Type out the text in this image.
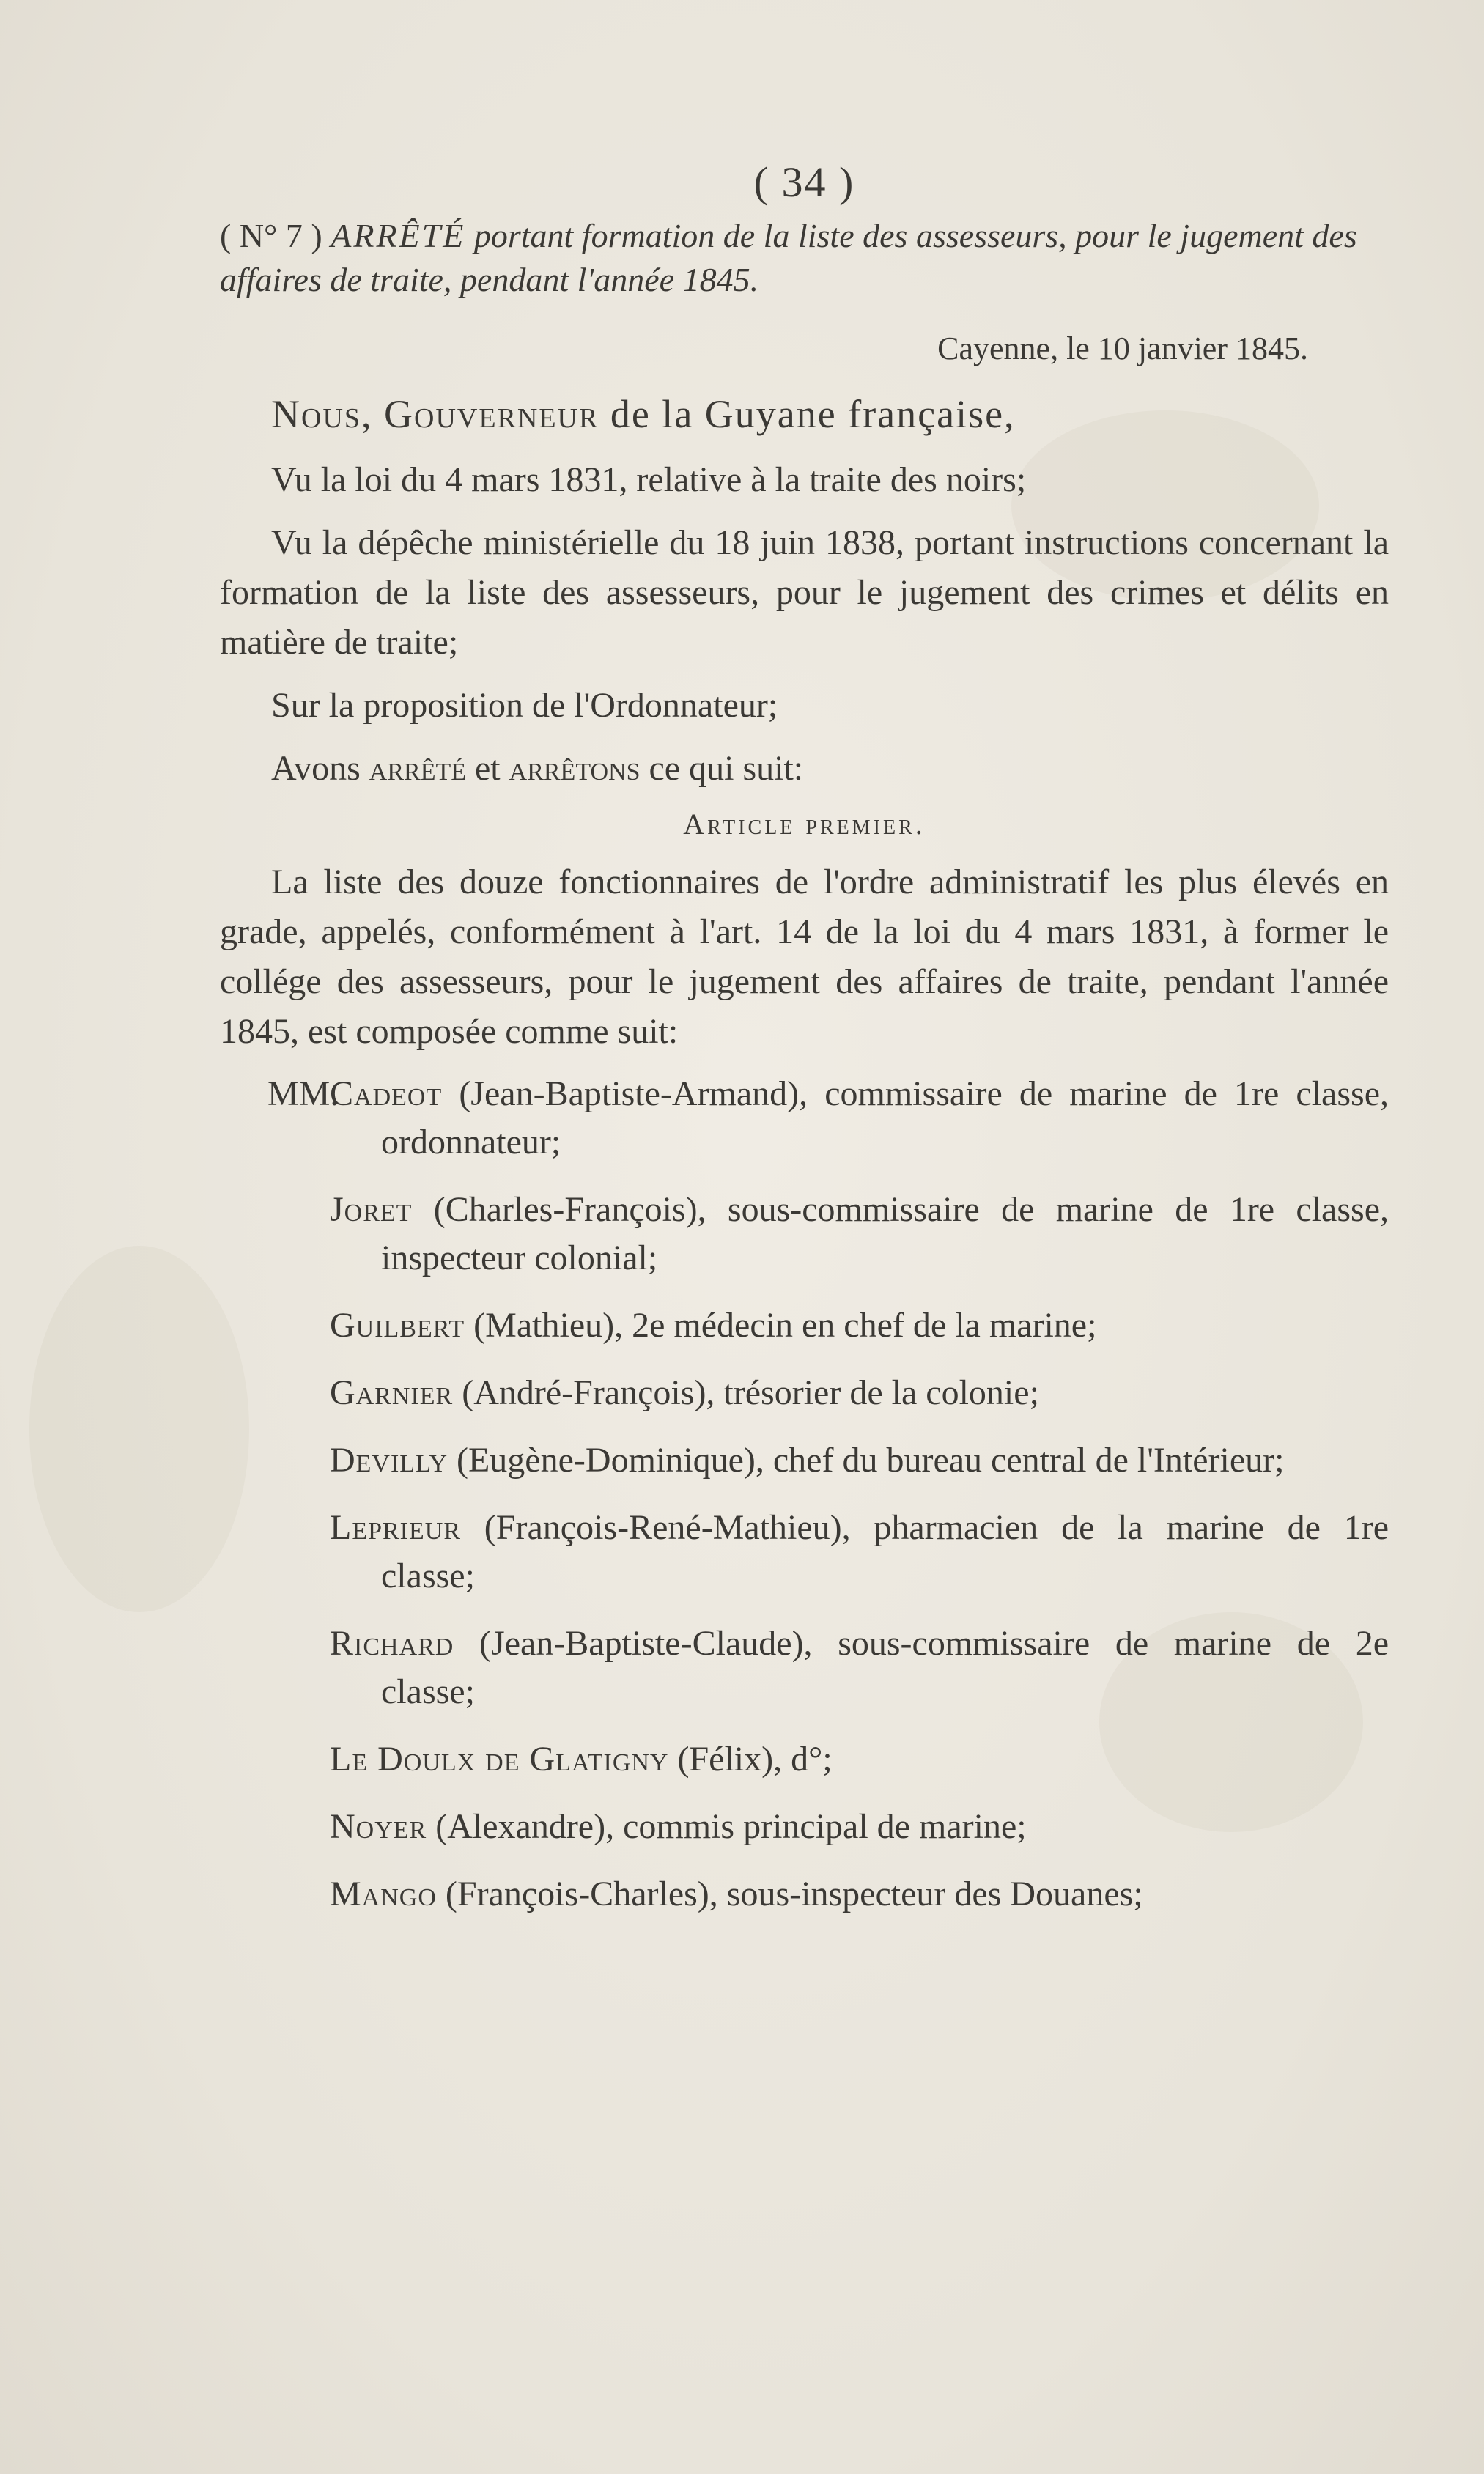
( 34 )

( N° 7 ) ARRÊTÉ portant formation de la liste des assesseurs, pour le jugement des affaires de traite, pendant l'année 1845.

Cayenne, le 10 janvier 1845.

Nous, Gouverneur de la Guyane française,

Vu la loi du 4 mars 1831, relative à la traite des noirs;

Vu la dépêche ministérielle du 18 juin 1838, portant instructions concernant la formation de la liste des assesseurs, pour le jugement des crimes et délits en matière de traite;

Sur la proposition de l'Ordonnateur;

Avons arrêté et arrêtons ce qui suit:

Article premier.

La liste des douze fonctionnaires de l'ordre administratif les plus élevés en grade, appelés, conformément à l'art. 14 de la loi du 4 mars 1831, à former le collége des assesseurs, pour le jugement des affaires de traite, pendant l'année 1845, est composée comme suit:

MM.
Cadeot (Jean-Baptiste-Armand), commissaire de marine de 1re classe, ordonnateur;

Joret (Charles-François), sous-commissaire de marine de 1re classe, inspecteur colonial;

Guilbert (Mathieu), 2e médecin en chef de la marine;

Garnier (André-François), trésorier de la colonie;

Devilly (Eugène-Dominique), chef du bureau central de l'Intérieur;

Leprieur (François-René-Mathieu), pharmacien de la marine de 1re classe;

Richard (Jean-Baptiste-Claude), sous-commissaire de marine de 2e classe;

Le Doulx de Glatigny (Félix), d°;

Noyer (Alexandre), commis principal de marine;

Mango (François-Charles), sous-inspecteur des Douanes;
